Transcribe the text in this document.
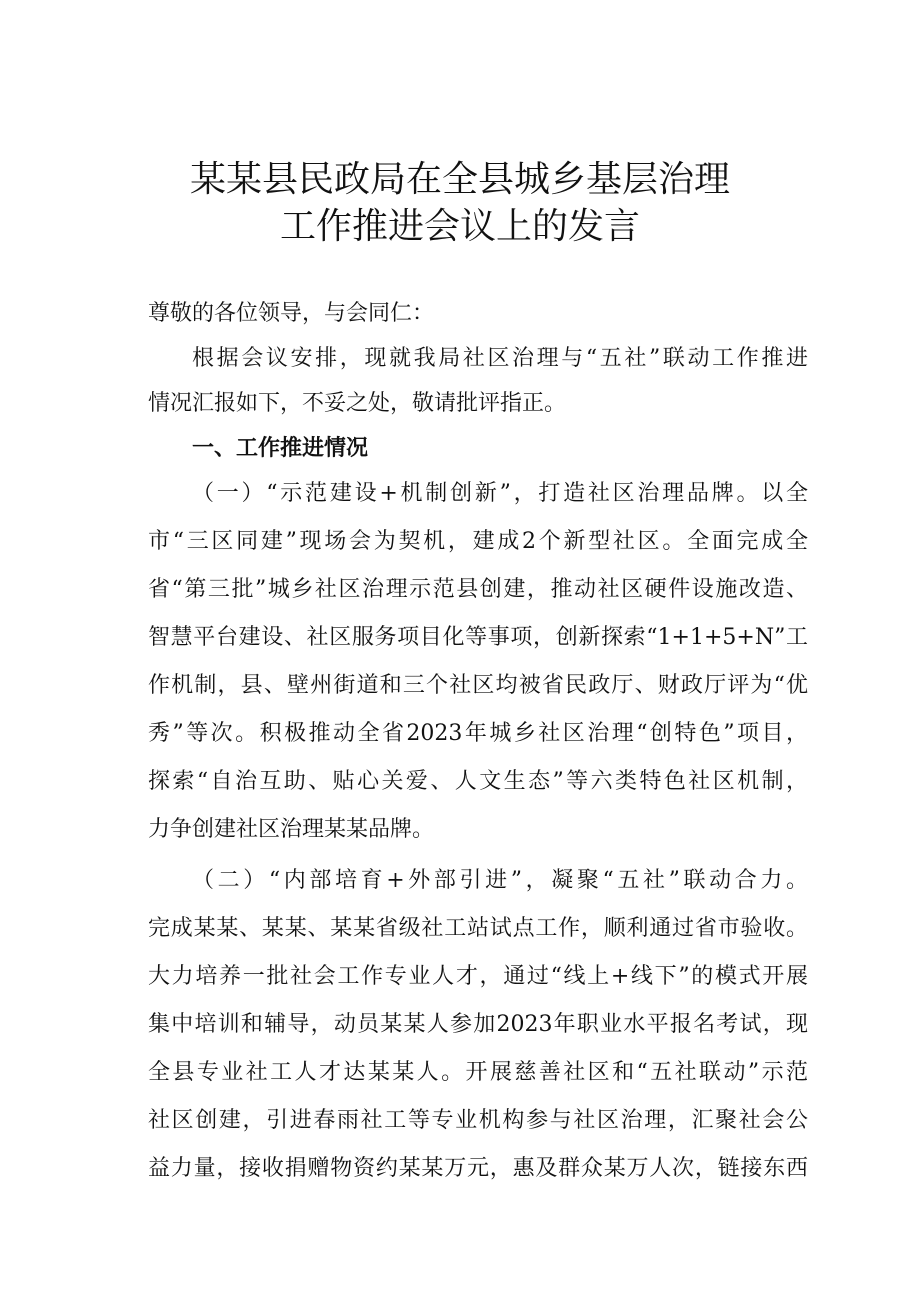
某某县民政局在全县城乡基层治理
工作推进会议上的发言
尊敬的各位领导，与会同仁：
根据会议安排，现就我局社区治理与“五社”联动工作推进
情况汇报如下，不妥之处，敬请批评指正。
一、工作推进情况
（一）“示范建设+机制创新”，打造社区治理品牌。以全
市“三区同建”现场会为契机，建成2个新型社区。全面完成全
省“第三批”城乡社区治理示范县创建，推动社区硬件设施改造、
智慧平台建设、社区服务项目化等事项，创新探索“1+1+5+N”工
作机制，县、壁州街道和三个社区均被省民政厅、财政厅评为“优
秀”等次。积极推动全省2023年城乡社区治理“创特色”项目，
探索“自治互助、贴心关爱、人文生态”等六类特色社区机制，
力争创建社区治理某某品牌。
（二）“内部培育+外部引进”，凝聚“五社”联动合力。
完成某某、某某、某某省级社工站试点工作，顺利通过省市验收。
大力培养一批社会工作专业人才，通过“线上+线下”的模式开展
集中培训和辅导，动员某某人参加2023年职业水平报名考试，现
全县专业社工人才达某某人。开展慈善社区和“五社联动”示范
社区创建，引进春雨社工等专业机构参与社区治理，汇聚社会公
益力量，接收捐赠物资约某某万元，惠及群众某万人次，链接东西
